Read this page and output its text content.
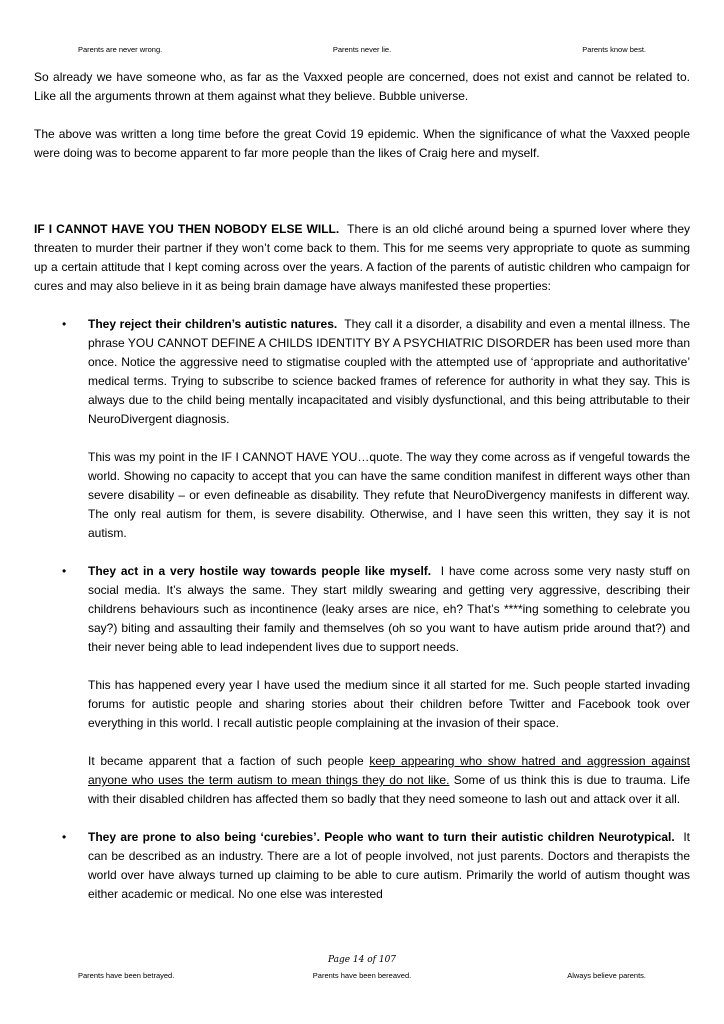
Parents are never wrong.	Parents never lie.	Parents know best.

So already we have someone who, as far as the Vaxxed people are concerned, does not exist and cannot be related to. Like all the arguments thrown at them against what they believe. Bubble universe.

The above was written a long time before the great Covid 19 epidemic. When the significance of what the Vaxxed people were doing was to become apparent to far more people than the likes of Craig here and myself.

IF I CANNOT HAVE YOU THEN NOBODY ELSE WILL. There is an old cliché around being a spurned lover where they threaten to murder their partner if they won’t come back to them. This for me seems very appropriate to quote as summing up a certain attitude that I kept coming across over the years. A faction of the parents of autistic children who campaign for cures and may also believe in it as being brain damage have always manifested these properties:

• They reject their children’s autistic natures. They call it a disorder, a disability and even a mental illness. The phrase YOU CANNOT DEFINE A CHILDS IDENTITY BY A PSYCHIATRIC DISORDER has been used more than once. Notice the aggressive need to stigmatise coupled with the attempted use of ‘appropriate and authoritative’ medical terms. Trying to subscribe to science backed frames of reference for authority in what they say. This is always due to the child being mentally incapacitated and visibly dysfunctional, and this being attributable to their NeuroDivergent diagnosis.

This was my point in the IF I CANNOT HAVE YOU…quote. The way they come across as if vengeful towards the world. Showing no capacity to accept that you can have the same condition manifest in different ways other than severe disability – or even defineable as disability. They refute that NeuroDivergency manifests in different way. The only real autism for them, is severe disability. Otherwise, and I have seen this written, they say it is not autism.

• They act in a very hostile way towards people like myself. I have come across some very nasty stuff on social media. It’s always the same. They start mildly swearing and getting very aggressive, describing their childrens behaviours such as incontinence (leaky arses are nice, eh? That’s ****ing something to celebrate you say?) biting and assaulting their family and themselves (oh so you want to have autism pride around that?) and their never being able to lead independent lives due to support needs.

This has happened every year I have used the medium since it all started for me. Such people started invading forums for autistic people and sharing stories about their children before Twitter and Facebook took over everything in this world. I recall autistic people complaining at the invasion of their space.

It became apparent that a faction of such people keep appearing who show hatred and aggression against anyone who uses the term autism to mean things they do not like. Some of us think this is due to trauma. Life with their disabled children has affected them so badly that they need someone to lash out and attack over it all.

• They are prone to also being ‘curebies’. People who want to turn their autistic children Neurotypical. It can be described as an industry. There are a lot of people involved, not just parents. Doctors and therapists the world over have always turned up claiming to be able to cure autism. Primarily the world of autism thought was either academic or medical. No one else was interested

Page 14 of 107
Parents have been betrayed.	Parents have been bereaved.	Always believe parents.
